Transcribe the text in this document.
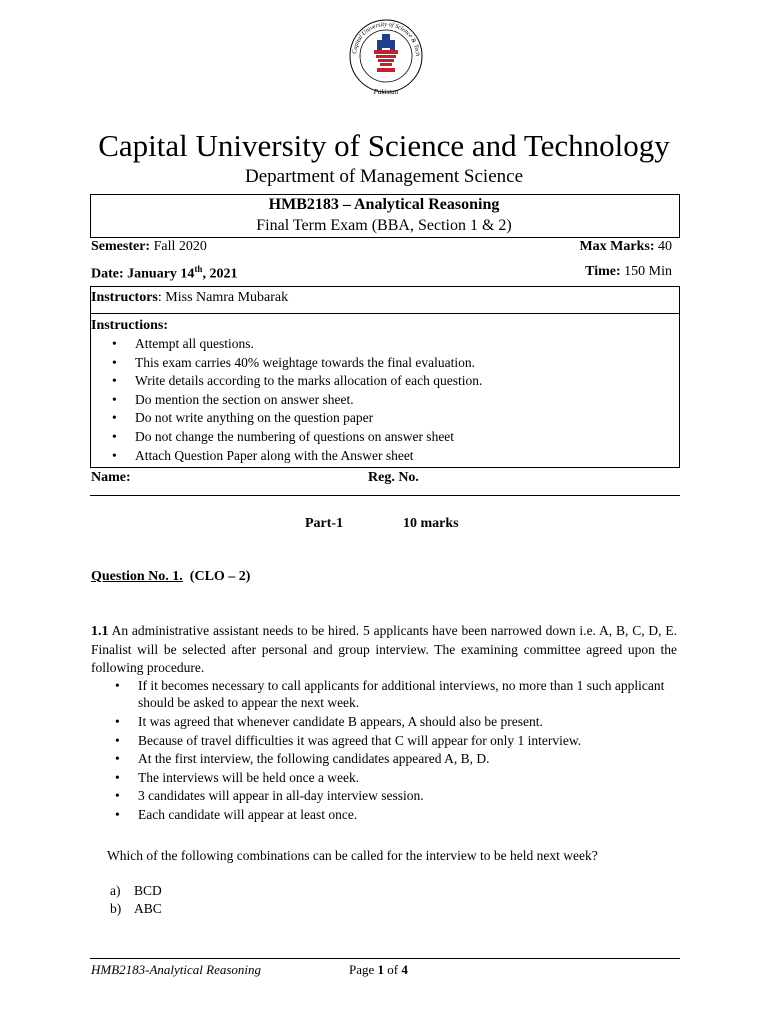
Capital University of Science & Tech
Pakistan
Capital University of Science and Technology
Department of Management Science
HMB2183 – Analytical Reasoning
Final Term Exam (BBA, Section 1 & 2)
Semester: Fall 2020	Max Marks: 40
Date: January 14th, 2021	Time: 150 Min
Instructors: Miss Namra Mubarak
Instructions:
• Attempt all questions.
• This exam carries 40% weightage towards the final evaluation.
• Write details according to the marks allocation of each question.
• Do mention the section on answer sheet.
• Do not write anything on the question paper
• Do not change the numbering of questions on answer sheet
• Attach Question Paper along with the Answer sheet
Name:	Reg. No.
Part-1	10 marks
Question No. 1. (CLO – 2)
1.1 An administrative assistant needs to be hired. 5 applicants have been narrowed down i.e. A, B, C, D, E. Finalist will be selected after personal and group interview. The examining committee agreed upon the following procedure.
• If it becomes necessary to call applicants for additional interviews, no more than 1 such applicant should be asked to appear the next week.
• It was agreed that whenever candidate B appears, A should also be present.
• Because of travel difficulties it was agreed that C will appear for only 1 interview.
• At the first interview, the following candidates appeared A, B, D.
• The interviews will be held once a week.
• 3 candidates will appear in all-day interview session.
• Each candidate will appear at least once.
Which of the following combinations can be called for the interview to be held next week?
a) BCD
b) ABC
HMB2183-Analytical Reasoning	Page 1 of 4
